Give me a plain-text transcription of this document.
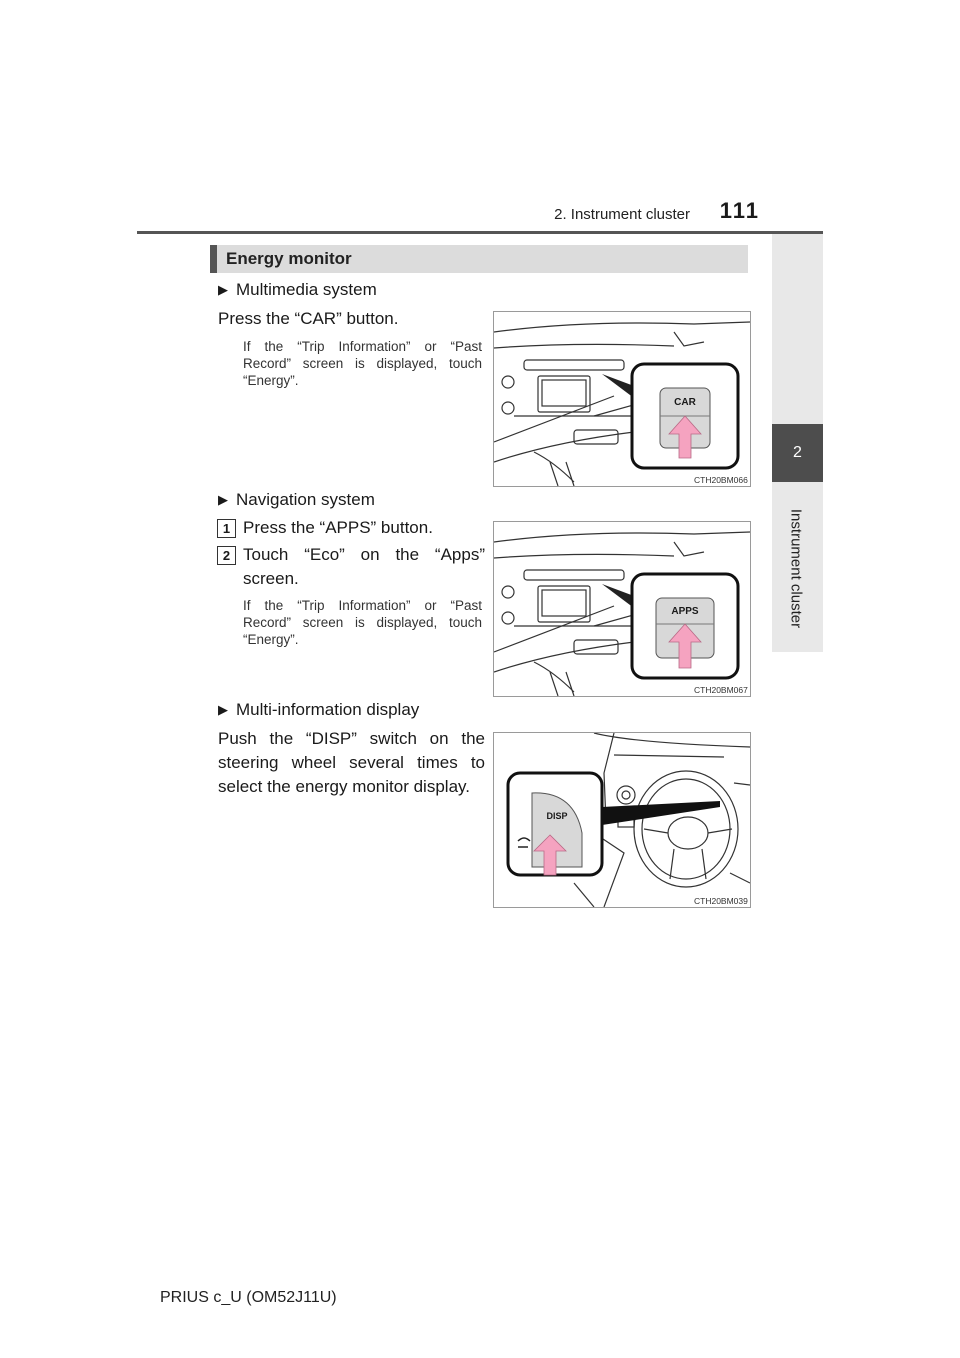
2. Instrument cluster	111
2
Instrument cluster
Energy monitor
▶ Multimedia system
Press the “CAR” button.
If the “Trip Information” or “Past Record” screen is displayed, touch “Energy”.
CAR
CTH20BM066
▶ Navigation system
1 Press the “APPS” button.
2 Touch “Eco” on the “Apps” screen.
If the “Trip Information” or “Past Record” screen is displayed, touch “Energy”.
APPS
CTH20BM067
▶ Multi-information display
Push the “DISP” switch on the steering wheel several times to select the energy monitor display.
DISP
CTH20BM039
PRIUS c_U (OM52J11U)
